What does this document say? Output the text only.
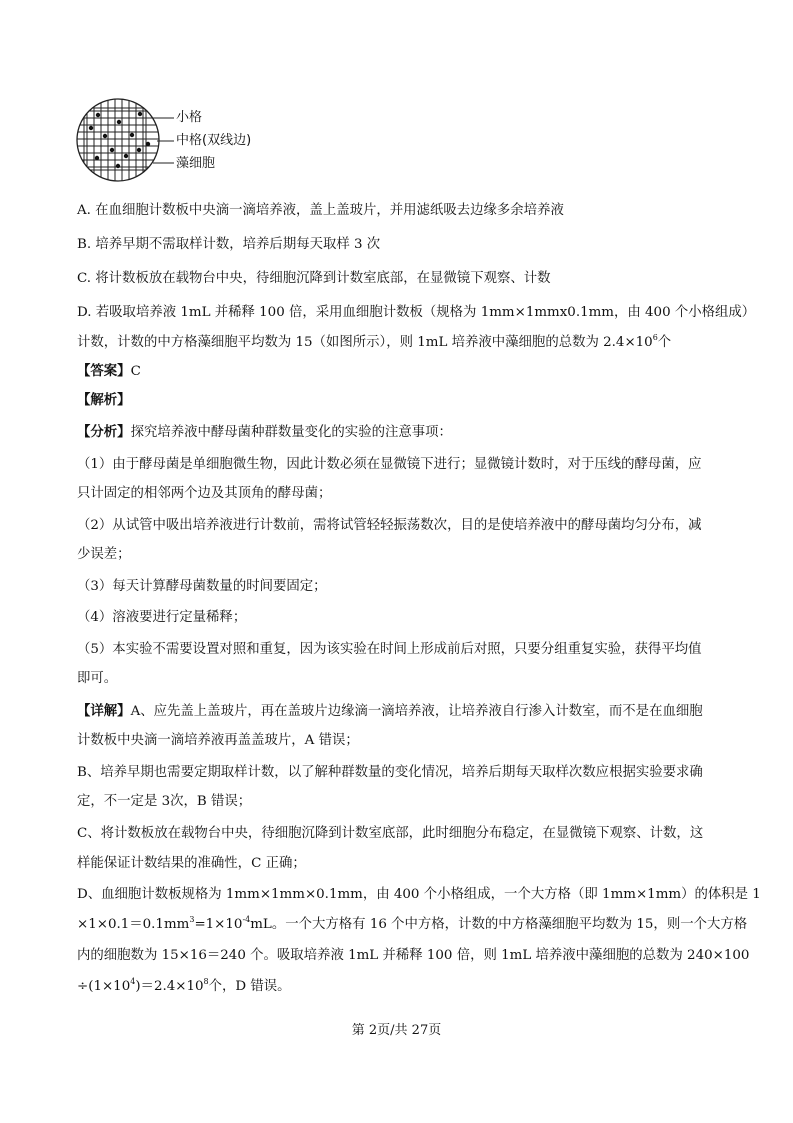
小格
中格(双线边)
藻细胞
A. 在血细胞计数板中央滴一滴培养液，盖上盖玻片，并用滤纸吸去边缘多余培养液
B. 培养早期不需取样计数，培养后期每天取样 3 次
C. 将计数板放在载物台中央，待细胞沉降到计数室底部，在显微镜下观察、计数
D. 若吸取培养液 1mL 并稀释 100 倍，采用血细胞计数板（规格为 1mm×1mmx0.1mm，由 400 个小格组成）
计数，计数的中方格藻细胞平均数为 15（如图所示），则 1mL 培养液中藻细胞的总数为 $2.4\times 10^6$个
【答案】C
【解析】
【分析】探究培养液中酵母菌种群数量变化的实验的注意事项：
（1）由于酵母菌是单细胞微生物，因此计数必须在显微镜下进行；显微镜计数时，对于压线的酵母菌，应
只计固定的相邻两个边及其顶角的酵母菌；
（2）从试管中吸出培养液进行计数前，需将试管轻轻振荡数次，目的是使培养液中的酵母菌均匀分布，减
少误差；
（3）每天计算酵母菌数量的时间要固定；
（4）溶液要进行定量稀释；
（5）本实验不需要设置对照和重复，因为该实验在时间上形成前后对照，只要分组重复实验，获得平均值
即可。
【详解】A、应先盖上盖玻片，再在盖玻片边缘滴一滴培养液，让培养液自行渗入计数室，而不是在血细胞
计数板中央滴一滴培养液再盖盖玻片，A 错误；
B、培养早期也需要定期取样计数，以了解种群数量的变化情况，培养后期每天取样次数应根据实验要求确
定，不一定是 3次，B 错误；
C、将计数板放在载物台中央，待细胞沉降到计数室底部，此时细胞分布稳定，在显微镜下观察、计数，这
样能保证计数结果的准确性，C 正确；
D、血细胞计数板规格为 1mm×1mm×0.1mm，由 400 个小格组成，一个大方格（即 1mm×1mm）的体积是 1
$\times 1\times 0.1=0.1mm^3=1\times 10^{-4}mL$。一个大方格有 16 个中方格，计数的中方格藻细胞平均数为 15，则一个大方格
内的细胞数为 15×16＝240 个。吸取培养液 1mL 并稀释 100 倍，则 1mL 培养液中藻细胞的总数为 240×100
$\div(1\times 10^4)=2.4\times 10^8$个，D 错误。
第 2页/共 27页
